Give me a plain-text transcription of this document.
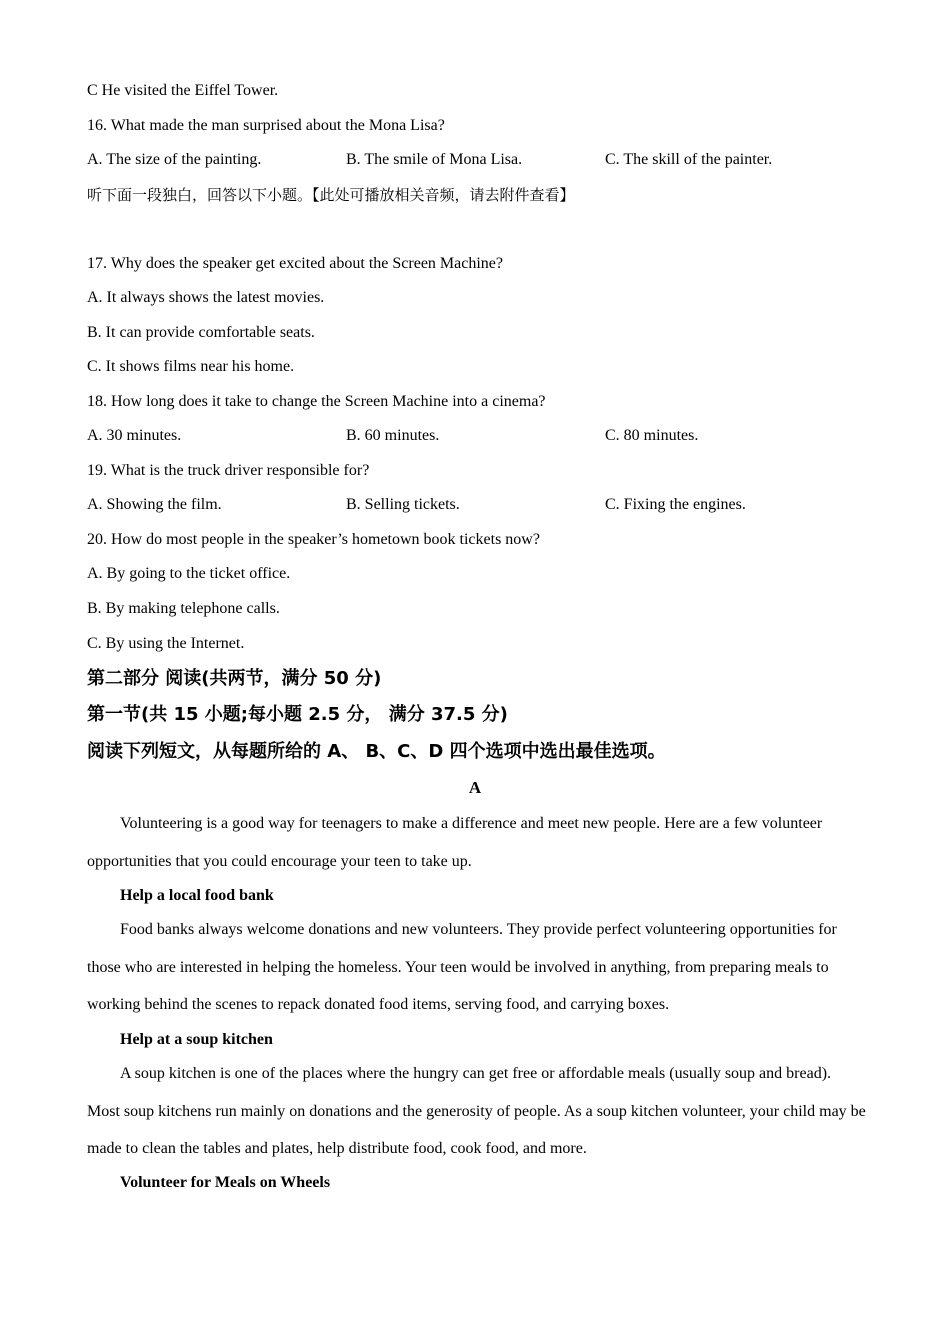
C He visited the Eiffel Tower.
16. What made the man surprised about the Mona Lisa?
A. The size of the painting.	B. The smile of Mona Lisa.	C. The skill of the painter.
听下面一段独白，回答以下小题。【此处可播放相关音频，请去附件查看】
17. Why does the speaker get excited about the Screen Machine?
A. It always shows the latest movies.
B. It can provide comfortable seats.
C. It shows films near his home.
18. How long does it take to change the Screen Machine into a cinema?
A. 30 minutes.	B. 60 minutes.	C. 80 minutes.
19. What is the truck driver responsible for?
A. Showing the film.	B. Selling tickets.	C. Fixing the engines.
20. How do most people in the speaker’s hometown book tickets now?
A. By going to the ticket office.
B. By making telephone calls.
C. By using the Internet.
第二部分 阅读(共两节，满分 50 分)
第一节(共 15 小题;每小题 2.5 分， 满分 37.5 分)
阅读下列短文，从每题所给的 A、 B、C、D 四个选项中选出最佳选项。
A
Volunteering is a good way for teenagers to make a difference and meet new people. Here are a few volunteer opportunities that you could encourage your teen to take up.
Help a local food bank
Food banks always welcome donations and new volunteers. They provide perfect volunteering opportunities for those who are interested in helping the homeless. Your teen would be involved in anything, from preparing meals to working behind the scenes to repack donated food items, serving food, and carrying boxes.
Help at a soup kitchen
A soup kitchen is one of the places where the hungry can get free or affordable meals (usually soup and bread). Most soup kitchens run mainly on donations and the generosity of people. As a soup kitchen volunteer, your child may be made to clean the tables and plates, help distribute food, cook food, and more.
Volunteer for Meals on Wheels
